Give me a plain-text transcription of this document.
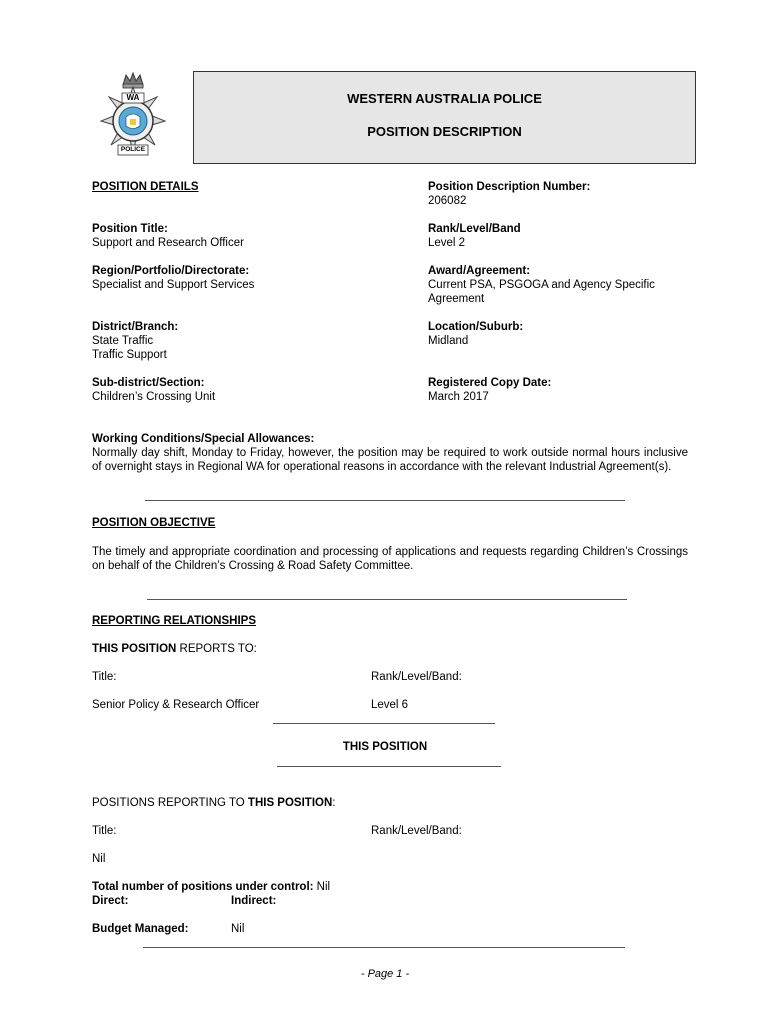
WA
POLICE
WESTERN AUSTRALIA POLICE
POSITION DESCRIPTION
POSITION DETAILS	Position Description Number:
206082
Position Title:
Support and Research Officer
Rank/Level/Band
Level 2
Region/Portfolio/Directorate:
Specialist and Support Services
Award/Agreement:
Current PSA, PSGOGA and Agency Specific
Agreement
District/Branch:
State Traffic
Traffic Support
Location/Suburb:
Midland
Sub-district/Section:
Children’s Crossing Unit
Registered Copy Date:
March 2017
Working Conditions/Special Allowances:
Normally day shift, Monday to Friday, however, the position may be required to work outside normal hours inclusive of overnight stays in Regional WA for operational reasons in accordance with the relevant Industrial Agreement(s).
POSITION OBJECTIVE
The timely and appropriate coordination and processing of applications and requests regarding Children’s Crossings on behalf of the Children’s Crossing & Road Safety Committee.
REPORTING RELATIONSHIPS
THIS POSITION REPORTS TO:
Title:	Rank/Level/Band:
Senior Policy & Research Officer	Level 6
THIS POSITION
POSITIONS REPORTING TO THIS POSITION:
Title:	Rank/Level/Band:
Nil
Total number of positions under control: Nil
Direct:	Indirect:
Budget Managed:	Nil
- Page 1 -
